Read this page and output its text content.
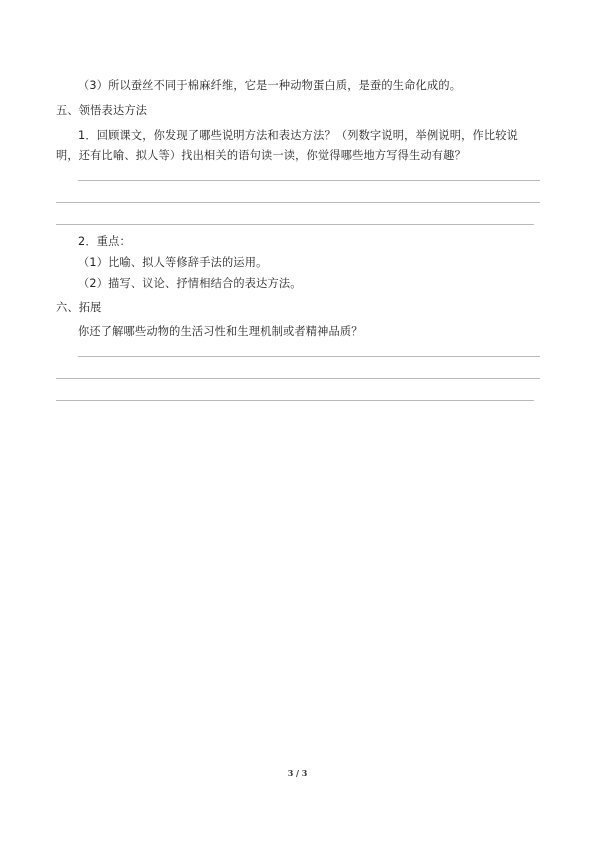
（3）所以蚕丝不同于棉麻纤维，它是一种动物蛋白质，是蚕的生命化成的。
五、领悟表达方法
1．回顾课文，你发现了哪些说明方法和表达方法？（列数字说明，举例说明，作比较说
明，还有比喻、拟人等）找出相关的语句读一读，你觉得哪些地方写得生动有趣？
2．重点：
（1）比喻、拟人等修辞手法的运用。
（2）描写、议论、抒情相结合的表达方法。
六、拓展
你还了解哪些动物的生活习性和生理机制或者精神品质？
3 / 3
